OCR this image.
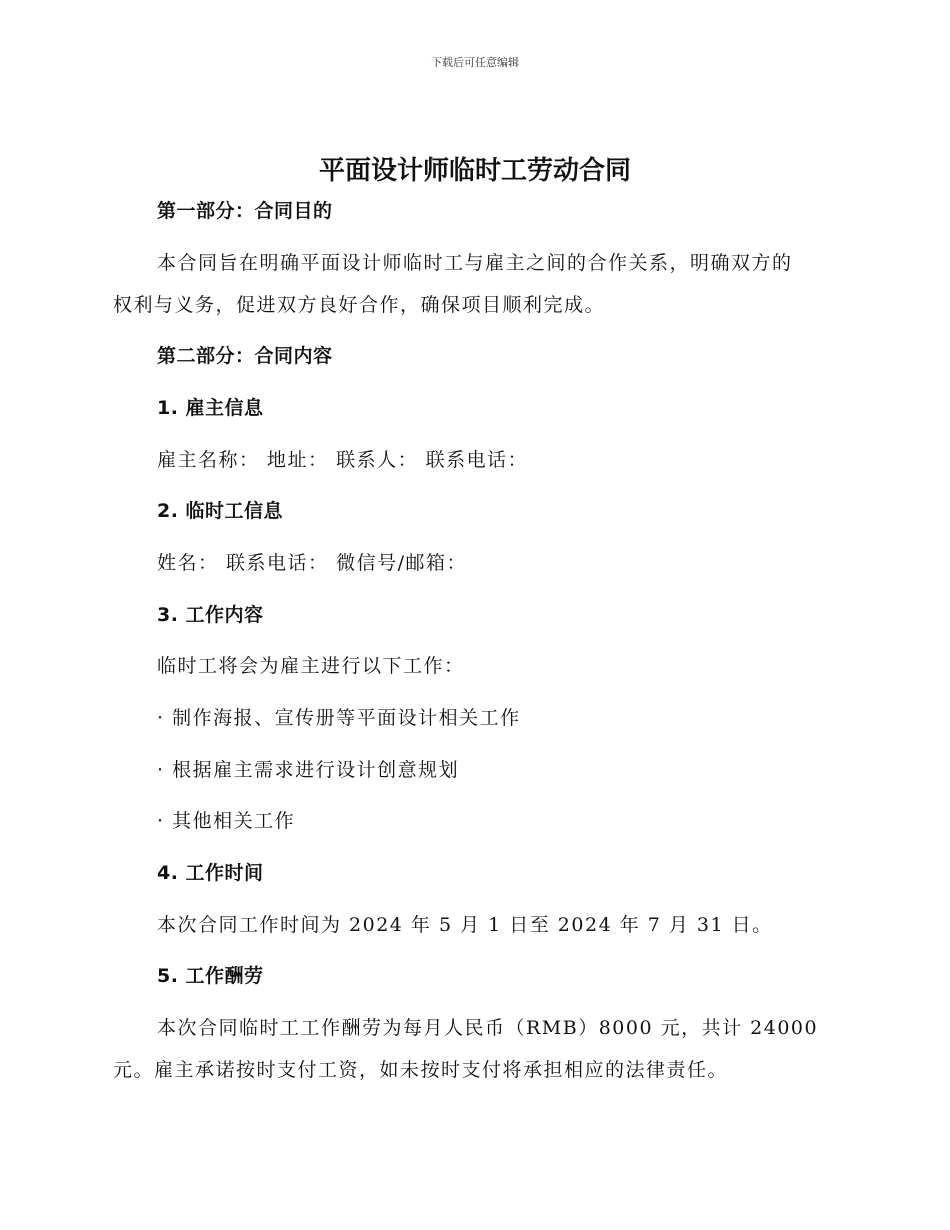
下载后可任意编辑
平面设计师临时工劳动合同
第一部分：合同目的
本合同旨在明确平面设计师临时工与雇主之间的合作关系，明确双方的
权利与义务，促进双方良好合作，确保项目顺利完成。
第二部分：合同内容
1. 雇主信息
雇主名称： 地址： 联系人： 联系电话：
2. 临时工信息
姓名： 联系电话： 微信号/邮箱：
3. 工作内容
临时工将会为雇主进行以下工作：
· 制作海报、宣传册等平面设计相关工作
· 根据雇主需求进行设计创意规划
· 其他相关工作
4. 工作时间
本次合同工作时间为 2024 年 5 月 1 日至 2024 年 7 月 31 日。
5. 工作酬劳
本次合同临时工工作酬劳为每月人民币（RMB）8000 元，共计 24000
元。雇主承诺按时支付工资，如未按时支付将承担相应的法律责任。
